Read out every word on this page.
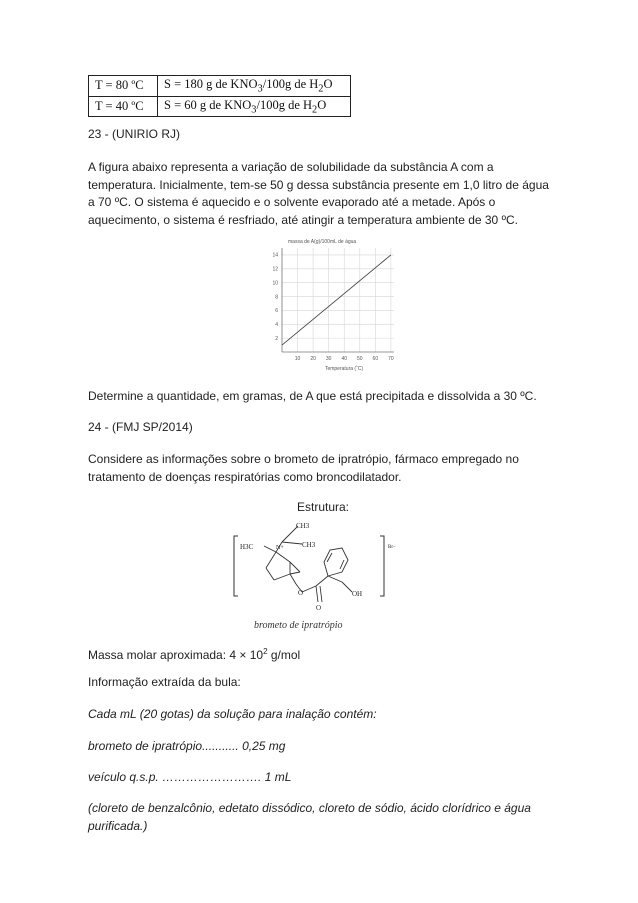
T = 80 ºC	S = 180 g de $KNO_3/100g$ de $H_2O$
T = 40 ºC	S = 60 g de $KNO_3/100g$ de $H_2O$

23 - (UNIRIO RJ)

A figura abaixo representa a variação de solubilidade da substância A com a temperatura. Inicialmente, tem-se 50 g dessa substância presente em 1,0 litro de água a 70 ºC. O sistema é aquecido e o solvente evaporado até a metade. Após o aquecimento, o sistema é resfriado, até atingir a temperatura ambiente de 30 ºC.

massa de A(g)/100mL de água
10 20 30 40 50 60 70
2
4
6
8
10
12
14
Temperatura (˚C)

Determine a quantidade, em gramas, de A que está precipitada e dissolvida a 30 ºC.

24 - (FMJ SP/2014)

Considere as informações sobre o brometo de ipratrópio, fármaco empregado no tratamento de doenças respiratórias como broncodilatador.

Estrutura:
H3C
CH3
CH3
N+
O
O
OH
Br−
brometo de ipratrópio

Massa molar aproximada: $4 \times 10^2$ g/mol

Informação extraída da bula:

Cada mL (20 gotas) da solução para inalação contém:

brometo de ipratrópio........... 0,25 mg

veículo q.s.p. ……………………. 1 mL

(cloreto de benzalcônio, edetato dissódico, cloreto de sódio, ácido clorídrico e água purificada.)
